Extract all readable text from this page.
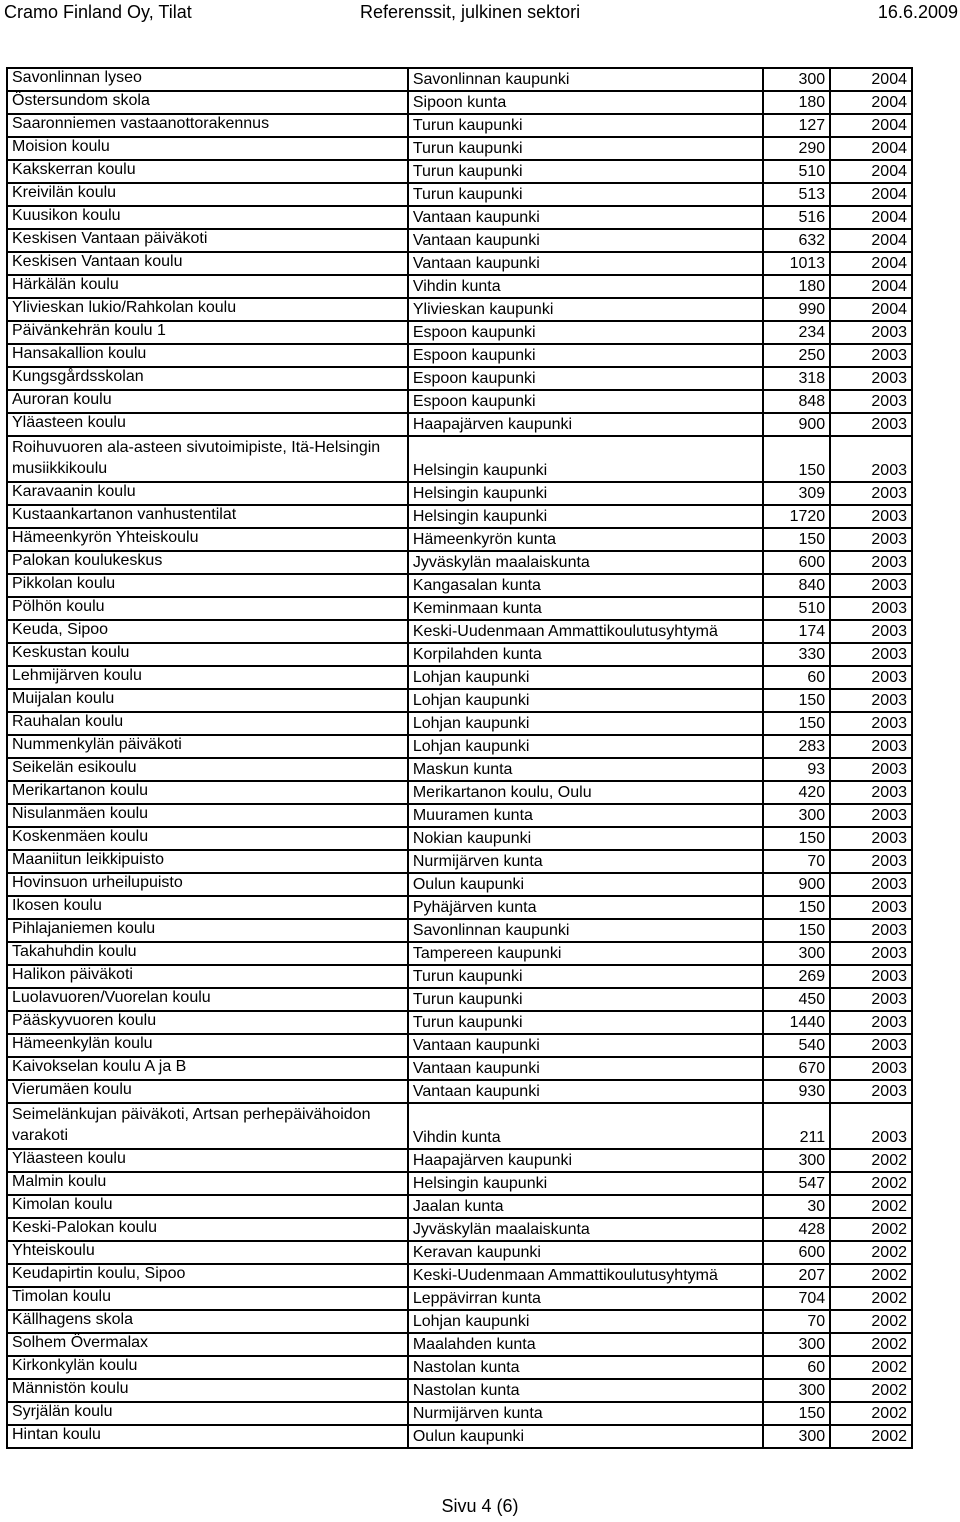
Cramo Finland Oy, Tilat	Referenssit, julkinen sektori	16.6.2009
Savonlinnan lyseo	Savonlinnan kaupunki	300	2004

Östersundom skola	Sipoon kunta	180	2004

Saaronniemen vastaanottorakennus	Turun kaupunki	127	2004

Moision koulu	Turun kaupunki	290	2004

Kakskerran koulu	Turun kaupunki	510	2004

Kreivilän koulu	Turun kaupunki	513	2004

Kuusikon koulu	Vantaan kaupunki	516	2004

Keskisen Vantaan päiväkoti	Vantaan kaupunki	632	2004

Keskisen Vantaan koulu	Vantaan kaupunki	1013	2004

Härkälän koulu	Vihdin kunta	180	2004

Ylivieskan lukio/Rahkolan koulu	Ylivieskan kaupunki	990	2004

Päivänkehrän koulu 1	Espoon kaupunki	234	2003

Hansakallion koulu	Espoon kaupunki	250	2003

Kungsgårdsskolan	Espoon kaupunki	318	2003

Auroran koulu	Espoon kaupunki	848	2003

Yläasteen koulu	Haapajärven kaupunki	900	2003

Roihuvuoren ala-asteen sivutoimipiste, Itä-Helsingin musiikkikoulu	Helsingin kaupunki	150	2003

Karavaanin koulu	Helsingin kaupunki	309	2003

Kustaankartanon vanhustentilat	Helsingin kaupunki	1720	2003

Hämeenkyrön Yhteiskoulu	Hämeenkyrön kunta	150	2003

Palokan koulukeskus	Jyväskylän maalaiskunta	600	2003

Pikkolan koulu	Kangasalan kunta	840	2003

Pölhön koulu	Keminmaan kunta	510	2003

Keuda, Sipoo	Keski-Uudenmaan Ammattikoulutusyhtymä	174	2003

Keskustan koulu	Korpilahden kunta	330	2003

Lehmijärven koulu	Lohjan kaupunki	60	2003

Muijalan koulu	Lohjan kaupunki	150	2003

Rauhalan koulu	Lohjan kaupunki	150	2003

Nummenkylän päiväkoti	Lohjan kaupunki	283	2003

Seikelän esikoulu	Maskun kunta	93	2003

Merikartanon koulu	Merikartanon koulu, Oulu	420	2003

Nisulanmäen koulu	Muuramen kunta	300	2003

Koskenmäen koulu	Nokian kaupunki	150	2003

Maaniitun leikkipuisto	Nurmijärven kunta	70	2003

Hovinsuon urheilupuisto	Oulun kaupunki	900	2003

Ikosen koulu	Pyhäjärven kunta	150	2003

Pihlajaniemen koulu	Savonlinnan kaupunki	150	2003

Takahuhdin koulu	Tampereen kaupunki	300	2003

Halikon päiväkoti	Turun kaupunki	269	2003

Luolavuoren/Vuorelan koulu	Turun kaupunki	450	2003

Pääskyvuoren koulu	Turun kaupunki	1440	2003

Hämeenkylän koulu	Vantaan kaupunki	540	2003

Kaivokselan koulu A ja B	Vantaan kaupunki	670	2003

Vierumäen koulu	Vantaan kaupunki	930	2003

Seimelänkujan päiväkoti, Artsan perhepäivähoidon varakoti	Vihdin kunta	211	2003

Yläasteen koulu	Haapajärven kaupunki	300	2002

Malmin koulu	Helsingin kaupunki	547	2002

Kimolan koulu	Jaalan kunta	30	2002

Keski-Palokan koulu	Jyväskylän maalaiskunta	428	2002

Yhteiskoulu	Keravan kaupunki	600	2002

Keudapirtin koulu, Sipoo	Keski-Uudenmaan Ammattikoulutusyhtymä	207	2002

Timolan koulu	Leppävirran kunta	704	2002

Källhagens skola	Lohjan kaupunki	70	2002

Solhem Övermalax	Maalahden kunta	300	2002

Kirkonkylän koulu	Nastolan kunta	60	2002

Männistön koulu	Nastolan kunta	300	2002

Syrjälän koulu	Nurmijärven kunta	150	2002

Hintan koulu	Oulun kaupunki	300	2002
Sivu 4 (6)
